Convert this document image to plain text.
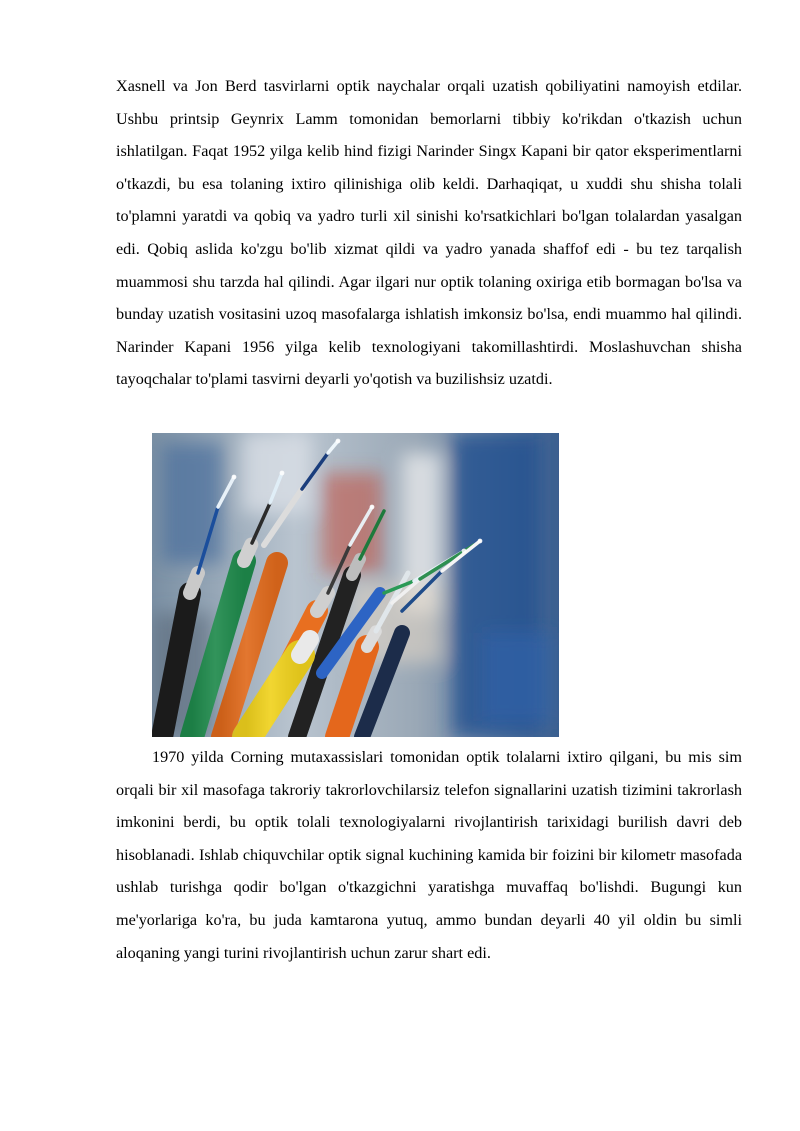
Xasnell va Jon Berd tasvirlarni optik naychalar orqali uzatish qobiliyatini namoyish etdilar. Ushbu printsip Geynrix Lamm tomonidan bemorlarni tibbiy ko'rikdan o'tkazish uchun ishlatilgan. Faqat 1952 yilga kelib hind fizigi Narinder Singx Kapani bir qator eksperimentlarni o'tkazdi, bu esa tolaning ixtiro qilinishiga olib keldi. Darhaqiqat, u xuddi shu shisha tolali to'plamni yaratdi va qobiq va yadro turli xil sinishi ko'rsatkichlari bo'lgan tolalardan yasalgan edi. Qobiq aslida ko'zgu bo'lib xizmat qildi va yadro yanada shaffof edi - bu tez tarqalish muammosi shu tarzda hal qilindi. Agar ilgari nur optik tolaning oxiriga etib bormagan bo'lsa va bunday uzatish vositasini uzoq masofalarga ishlatish imkonsiz bo'lsa, endi muammo hal qilindi. Narinder Kapani 1956 yilga kelib texnologiyani takomillashtirdi. Moslashuvchan shisha tayoqchalar to'plami tasvirni deyarli yo'qotish va buzilishsiz uzatdi.

1970 yilda Corning mutaxassislari tomonidan optik tolalarni ixtiro qilgani, bu mis sim orqali bir xil masofaga takroriy takrorlovchilarsiz telefon signallarini uzatish tizimini takrorlash imkonini berdi, bu optik tolali texnologiyalarni rivojlantirish tarixidagi burilish davri deb hisoblanadi. Ishlab chiquvchilar optik signal kuchining kamida bir foizini bir kilometr masofada ushlab turishga qodir bo'lgan o'tkazgichni yaratishga muvaffaq bo'lishdi. Bugungi kun me'yorlariga ko'ra, bu juda kamtarona yutuq, ammo bundan deyarli 40 yil oldin bu simli aloqaning yangi turini rivojlantirish uchun zarur shart edi.
